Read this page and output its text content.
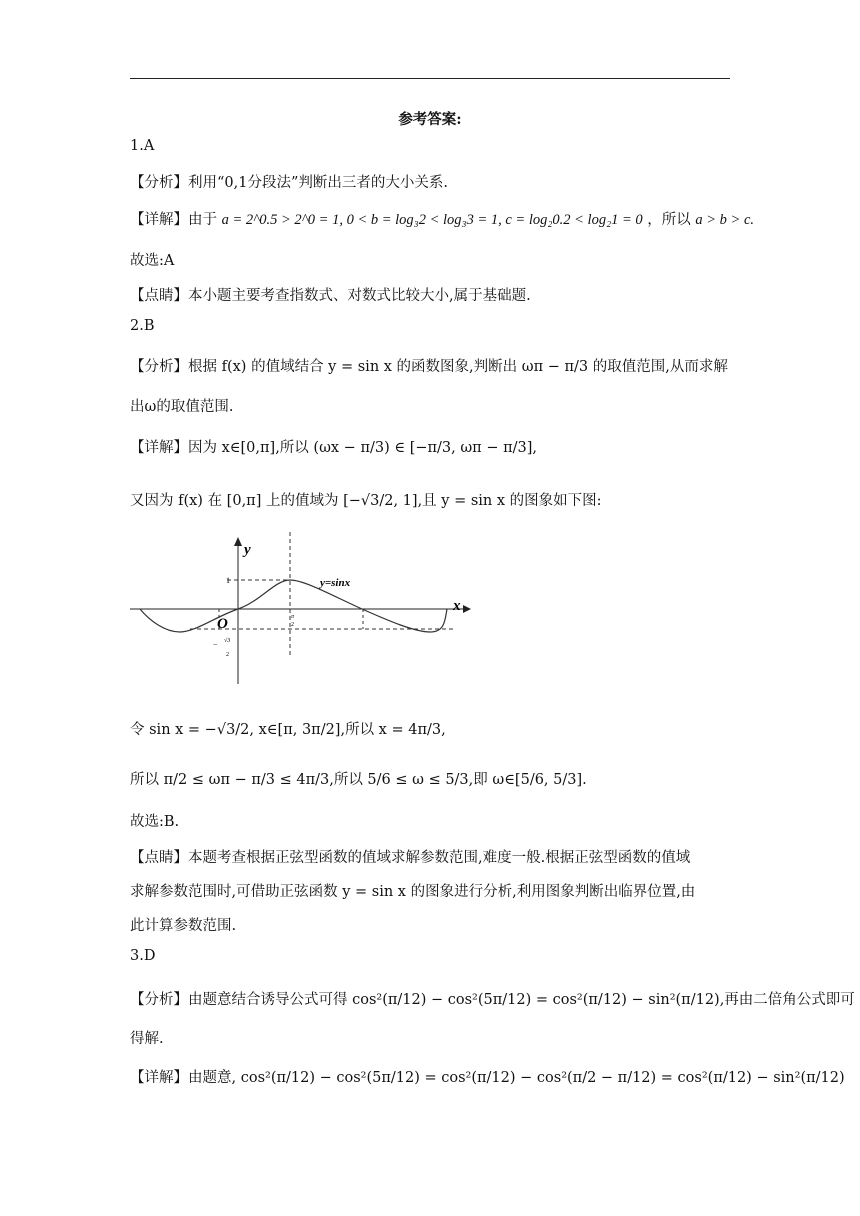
参考答案:
1.A
【分析】利用“0,1分段法”判断出三者的大小关系.
【详解】由于 a = 2^0.5 > 2^0 = 1, 0 < b = log₃2 < log₃3 = 1, c = log₂0.2 < log₂1 = 0 ，所以 a > b > c.
故选:A
【点睛】本小题主要考查指数式、对数式比较大小,属于基础题.
2.B
【分析】根据 f(x) 的值域结合 y = sin x 的函数图象,判断出 ωπ − π/3 的取值范围,从而求解
出ω的取值范围.
【详解】因为 x∈[0,π],所以 (ωx − π/3) ∈ [−π/3, ωπ − π/3],
又因为 f(x) 在 [0,π] 上的值域为 [−√3/2, 1],且 y = sin x 的图象如下图:
y
x
O
y=sinx
1
π
2
− √3
2
令 sin x = −√3/2, x∈[π, 3π/2],所以 x = 4π/3,
所以 π/2 ≤ ωπ − π/3 ≤ 4π/3,所以 5/6 ≤ ω ≤ 5/3,即 ω∈[5/6, 5/3].
故选:B.
【点睛】本题考查根据正弦型函数的值域求解参数范围,难度一般.根据正弦型函数的值域
求解参数范围时,可借助正弦函数 y = sin x 的图象进行分析,利用图象判断出临界位置,由
此计算参数范围.
3.D
【分析】由题意结合诱导公式可得 cos²(π/12) − cos²(5π/12) = cos²(π/12) − sin²(π/12),再由二倍角公式即可
得解.
【详解】由题意, cos²(π/12) − cos²(5π/12) = cos²(π/12) − cos²(π/2 − π/12) = cos²(π/12) − sin²(π/12)
